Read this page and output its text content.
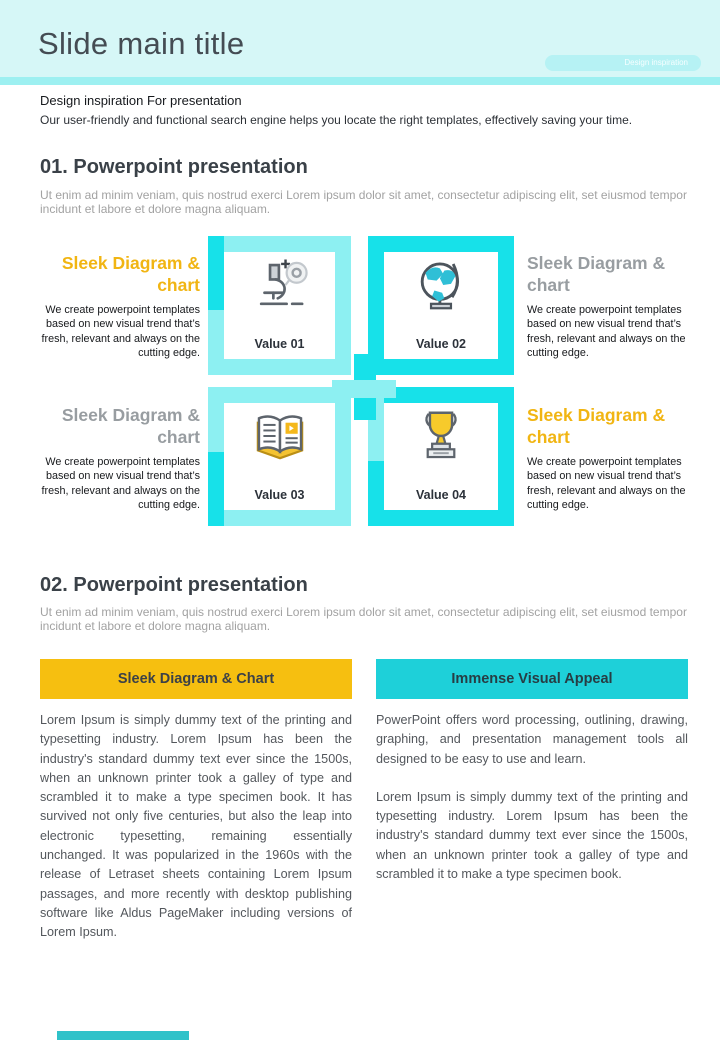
Slide main title
Design inspiration
Design inspiration For presentation
Our user-friendly and functional search engine helps you locate the right templates, effectively saving your time.
01. Powerpoint presentation
Ut enim ad minim veniam, quis nostrud exerci Lorem ipsum dolor sit amet, consectetur adipiscing elit, set eiusmod tempor incidunt et labore et dolore magna aliquam.
Sleek Diagram & chart
We create powerpoint templates based on new visual trend that’s fresh, relevant and always on the cutting edge.
Sleek Diagram & chart
We create powerpoint templates based on new visual trend that’s fresh, relevant and always on the cutting edge.
Sleek Diagram & chart
We create powerpoint templates based on new visual trend that’s fresh, relevant and always on the cutting edge.
Sleek Diagram & chart
We create powerpoint templates based on new visual trend that’s fresh, relevant and always on the cutting edge.
Value 01	Value 02
Value 03	Value 04
02. Powerpoint presentation
Ut enim ad minim veniam, quis nostrud exerci Lorem ipsum dolor sit amet, consectetur adipiscing elit, set eiusmod tempor incidunt et labore et dolore magna aliquam.
Sleek Diagram & Chart	Immense Visual Appeal

Lorem Ipsum is simply dummy text of the printing and typesetting industry. Lorem Ipsum has been the industry's standard dummy text ever since the 1500s, when an unknown printer took a galley of type and scrambled it to make a type specimen book. It has survived not only five centuries, but also the leap into electronic typesetting, remaining essentially unchanged. It was popularized in the 1960s with the release of Letraset sheets containing Lorem Ipsum passages, and more recently with desktop publishing software like Aldus PageMaker including versions of Lorem Ipsum.

PowerPoint offers word processing, outlining, drawing, graphing, and presentation management tools all designed to be easy to use and learn.

Lorem Ipsum is simply dummy text of the printing and typesetting industry. Lorem Ipsum has been the industry's standard dummy text ever since the 1500s, when an unknown printer took a galley of type and scrambled it to make a type specimen book.
